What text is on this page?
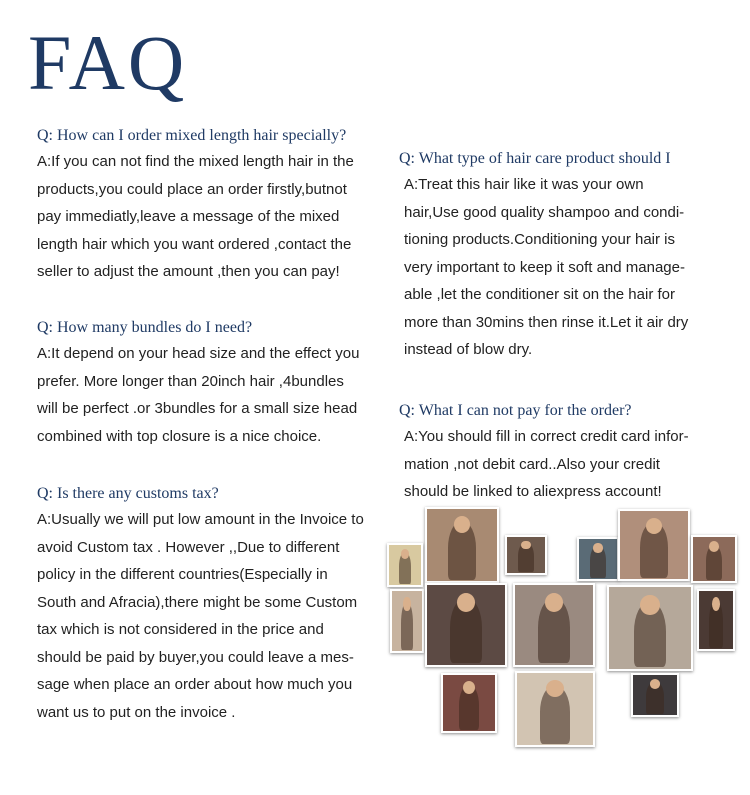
FAQ

Q: How can I order mixed length hair specially?

A:If you can not find the mixed length hair in the
products,you could place an order firstly,butnot
pay immediatly,leave a message of the mixed
length hair which you want ordered ,contact the
seller to adjust the amount ,then you can pay!

Q: How many bundles do I need?

A:It depend on your head size and the effect you
prefer. More longer than 20inch hair ,4bundles
will be perfect .or 3bundles for a small size head
combined with top closure is a nice choice.

Q: Is there any customs tax?

A:Usually we will put low amount in the Invoice to
avoid Custom tax . However ,,Due to different
policy in the different countries(Especially in
South and Afracia),there might be some Custom
tax which is not considered in the price and
should be paid by buyer,you could leave a mes-
sage when place an order about how much you
want us to put on the invoice .

Q: What type of hair care product should I

A:Treat this hair like it was your own
hair,Use good quality shampoo and condi-
tioning products.Conditioning your hair is
very important to keep it soft and manage-
able ,let the conditioner sit on the hair for
more than 30mins then rinse it.Let it air dry
instead of blow dry.

Q: What I can not pay for the order?

A:You should fill in correct credit card infor-
mation ,not debit card..Also your credit
should be linked to aliexpress account!
